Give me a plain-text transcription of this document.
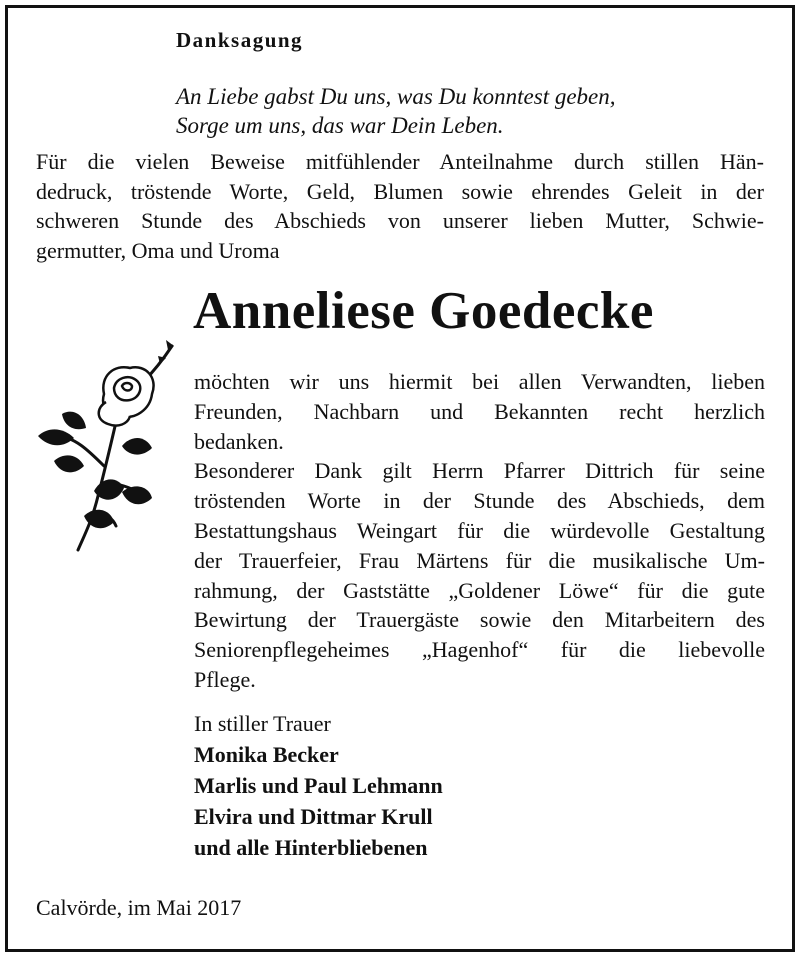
Danksagung
An Liebe gabst Du uns, was Du konntest geben,
Sorge um uns, das war Dein Leben.
Für die vielen Beweise mitfühlender Anteilnahme durch stillen Hän-
dedruck, tröstende Worte, Geld, Blumen sowie ehrendes Geleit in der
schweren Stunde des Abschieds von unserer lieben Mutter, Schwie-
germutter, Oma und Uroma
Anneliese Goedecke
möchten wir uns hiermit bei allen Verwandten, lieben
Freunden, Nachbarn und Bekannten recht herzlich
bedanken.
Besonderer Dank gilt Herrn Pfarrer Dittrich für seine
tröstenden Worte in der Stunde des Abschieds, dem
Bestattungshaus Weingart für die würdevolle Gestaltung
der Trauerfeier, Frau Märtens für die musikalische Um-
rahmung, der Gaststätte „Goldener Löwe“ für die gute
Bewirtung der Trauergäste sowie den Mitarbeitern des
Seniorenpflegeheimes „Hagenhof“ für die liebevolle
Pflege.
In stiller Trauer
Monika Becker
Marlis und Paul Lehmann
Elvira und Dittmar Krull
und alle Hinterbliebenen
Calvörde, im Mai 2017
